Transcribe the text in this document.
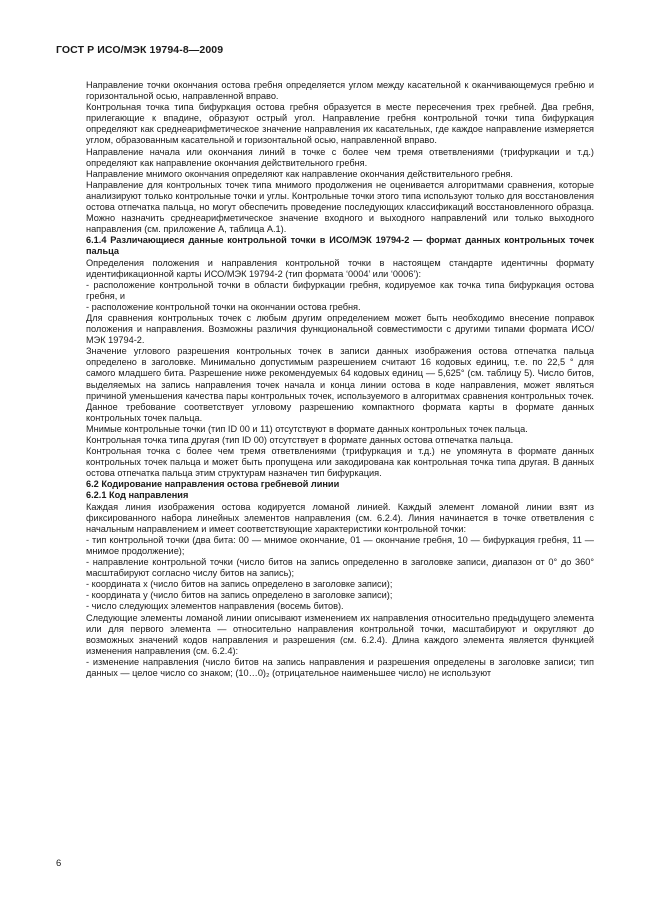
ГОСТ Р ИСО/МЭК 19794-8—2009

Направление точки окончания остова гребня определяется углом между касательной к оканчивающемуся гребню и горизонтальной осью, направленной вправо.

Контрольная точка типа бифуркация остова гребня образуется в месте пересечения трех гребней. Два гребня, прилегающие к впадине, образуют острый угол. Направление гребня контрольной точки типа бифуркация определяют как среднеарифметическое значение направления их касательных, где каждое направление измеряется углом, образованным касательной и горизонтальной осью, направленной вправо.

Направление начала или окончания линий в точке с более чем тремя ответвлениями (трифуркации и т.д.) определяют как направление окончания действительного гребня.

Направление мнимого окончания определяют как направление окончания действительного гребня.

Направление для контрольных точек типа мнимого продолжения не оценивается алгоритмами сравнения, которые анализируют только контрольные точки и углы. Контрольные точки этого типа используют только для восстановления остова отпечатка пальца, но могут обеспечить проведение последующих классификаций восстановленного образца. Можно назначить среднеарифметическое значение входного и выходного направлений или только выходного направления (см. приложение А, таблица А.1).

6.1.4 Различающиеся данные контрольной точки в ИСО/МЭК 19794-2 — формат данных контрольных точек пальца

Определения положения и направления контрольной точки в настоящем стандарте идентичны формату идентификационной карты ИСО/МЭК 19794-2 (тип формата ‘0004’ или ‘0006’):

- расположение контрольной точки в области бифуркации гребня, кодируемое как точка типа бифуркация остова гребня, и

- расположение контрольной точки на окончании остова гребня.

Для сравнения контрольных точек с любым другим определением может быть необходимо внесение поправок положения и направления. Возможны различия функциональной совместимости с другими типами формата ИСО/МЭК 19794-2.

Значение углового разрешения контрольных точек в записи данных изображения остова отпечатка пальца определено в заголовке. Минимально допустимым разрешением считают 16 кодовых единиц, т.е. по 22,5 ° для самого младшего бита. Разрешение ниже рекомендуемых 64 кодовых единиц — 5,625° (см. таблицу 5). Число битов, выделяемых на запись направления точек начала и конца линии остова в коде направления, может являться причиной уменьшения качества пары контрольных точек, используемого в алгоритмах сравнения контрольных точек. Данное требование соответствует угловому разрешению компактного формата карты в формате данных контрольных точек пальца.

Мнимые контрольные точки (тип ID 00 и 11) отсутствуют в формате данных контрольных точек пальца.

Контрольная точка типа другая (тип ID 00) отсутствует в формате данных остова отпечатка пальца.

Контрольная точка с более чем тремя ответвлениями (трифуркация и т.д.) не упомянута в формате данных контрольных точек пальца и может быть пропущена или закодирована как контрольная точка типа другая. В данных остова отпечатка пальца этим структурам назначен тип бифуркация.

6.2 Кодирование направления остова гребневой линии

6.2.1 Код направления

Каждая линия изображения остова кодируется ломаной линией. Каждый элемент ломаной линии взят из фиксированного набора линейных элементов направления (см. 6.2.4). Линия начинается в точке ответвления с начальным направлением и имеет соответствующие характеристики контрольной точки:

- тип контрольной точки (два бита: 00 — мнимое окончание, 01 — окончание гребня, 10 — бифуркация гребня, 11 — мнимое продолжение);

- направление контрольной точки (число битов на запись определенно в заголовке записи, диапазон от 0° до 360° масштабируют согласно числу битов на запись);

- координата x (число битов на запись определено в заголовке записи);

- координата y (число битов на запись определено в заголовке записи);

- число следующих элементов направления (восемь битов).

Следующие элементы ломаной линии описывают изменением их направления относительно предыдущего элемента или для первого элемента — относительно направления контрольной точки, масштабируют и округляют до возможных значений кодов направления и разрешения (см. 6.2.4). Длина каждого элемента является функцией изменения направления (см. 6.2.4):

- изменение направления (число битов на запись направления и разрешения определены в заголовке записи; тип данных — целое число со знаком; (10…0)₂ (отрицательное наименьшее число) не используют

6
